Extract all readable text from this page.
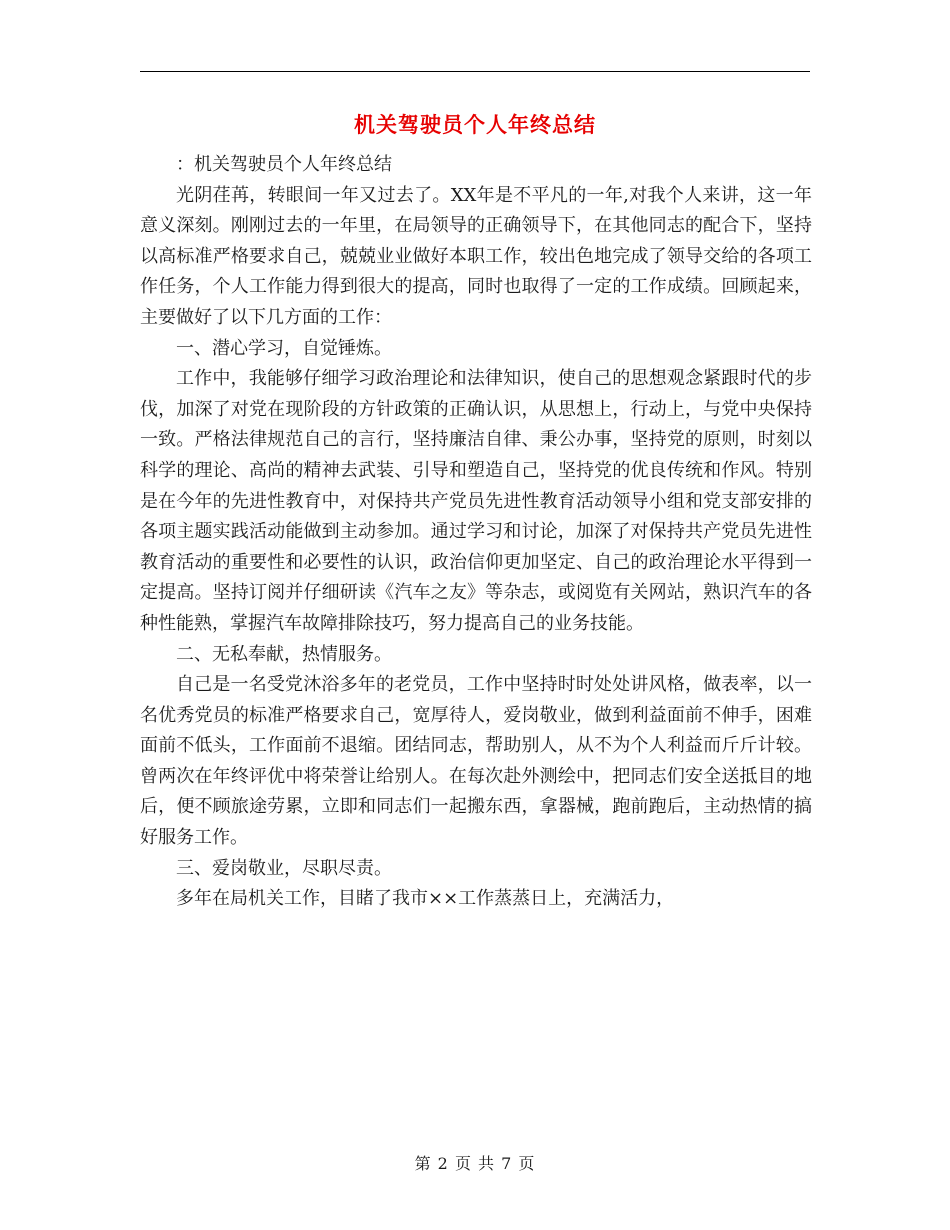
机关驾驶员个人年终总结

：机关驾驶员个人年终总结

光阴荏苒，转眼间一年又过去了。XX年是不平凡的一年,对我个人来讲，这一年意义深刻。刚刚过去的一年里，在局领导的正确领导下，在其他同志的配合下，坚持以高标准严格要求自己，兢兢业业做好本职工作，较出色地完成了领导交给的各项工作任务，个人工作能力得到很大的提高，同时也取得了一定的工作成绩。回顾起来，主要做好了以下几方面的工作：

一、潜心学习，自觉锤炼。

工作中，我能够仔细学习政治理论和法律知识，使自己的思想观念紧跟时代的步伐，加深了对党在现阶段的方针政策的正确认识，从思想上，行动上，与党中央保持一致。严格法律规范自己的言行，坚持廉洁自律、秉公办事，坚持党的原则，时刻以科学的理论、高尚的精神去武装、引导和塑造自己，坚持党的优良传统和作风。特别是在今年的先进性教育中，对保持共产党员先进性教育活动领导小组和党支部安排的各项主题实践活动能做到主动参加。通过学习和讨论，加深了对保持共产党员先进性教育活动的重要性和必要性的认识，政治信仰更加坚定、自己的政治理论水平得到一定提高。坚持订阅并仔细研读《汽车之友》等杂志，或阅览有关网站，熟识汽车的各种性能熟，掌握汽车故障排除技巧，努力提高自己的业务技能。

二、无私奉献，热情服务。

自己是一名受党沐浴多年的老党员，工作中坚持时时处处讲风格，做表率，以一名优秀党员的标准严格要求自己，宽厚待人，爱岗敬业，做到利益面前不伸手，困难面前不低头，工作面前不退缩。团结同志，帮助别人，从不为个人利益而斤斤计较。曾两次在年终评优中将荣誉让给别人。在每次赴外测绘中，把同志们安全送抵目的地后，便不顾旅途劳累，立即和同志们一起搬东西，拿器械，跑前跑后，主动热情的搞好服务工作。

三、爱岗敬业，尽职尽责。

多年在局机关工作，目睹了我市××工作蒸蒸日上，充满活力，

第 2 页 共 7 页
